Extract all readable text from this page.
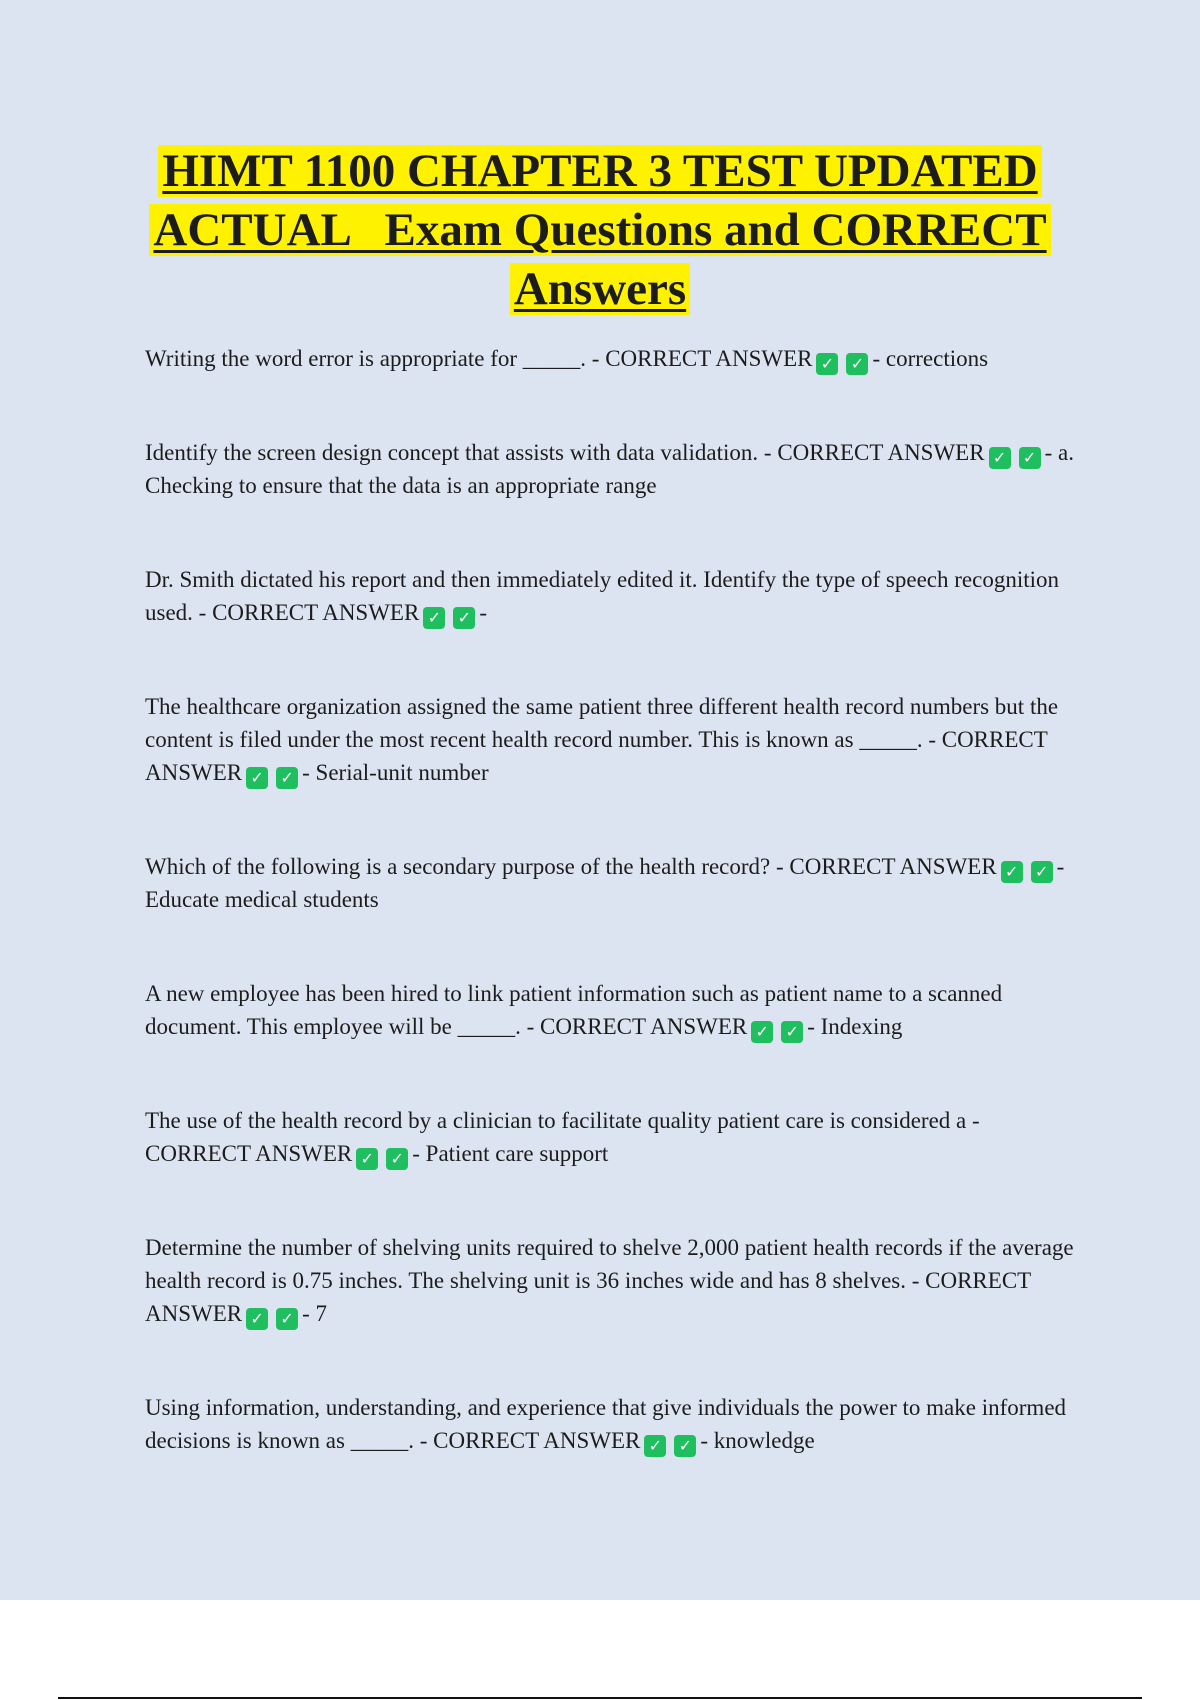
HIMT 1100 CHAPTER 3 TEST UPDATED
ACTUAL   Exam Questions and CORRECT
Answers

Writing the word error is appropriate for _____. - CORRECT ANSWER ✓ ✓ - corrections

Identify the screen design concept that assists with data validation. - CORRECT ANSWER ✓ ✓ - a. Checking to ensure that the data is an appropriate range

Dr. Smith dictated his report and then immediately edited it. Identify the type of speech recognition used. - CORRECT ANSWER ✓ ✓ -

The healthcare organization assigned the same patient three different health record numbers but the content is filed under the most recent health record number. This is known as _____. - CORRECT ANSWER ✓ ✓ - Serial-unit number

Which of the following is a secondary purpose of the health record? - CORRECT ANSWER ✓ ✓ - Educate medical students

A new employee has been hired to link patient information such as patient name to a scanned document. This employee will be _____. - CORRECT ANSWER ✓ ✓ - Indexing

The use of the health record by a clinician to facilitate quality patient care is considered a - CORRECT ANSWER ✓ ✓ - Patient care support

Determine the number of shelving units required to shelve 2,000 patient health records if the average health record is 0.75 inches. The shelving unit is 36 inches wide and has 8 shelves. - CORRECT ANSWER ✓ ✓ - 7

Using information, understanding, and experience that give individuals the power to make informed decisions is known as _____. - CORRECT ANSWER ✓ ✓ - knowledge
